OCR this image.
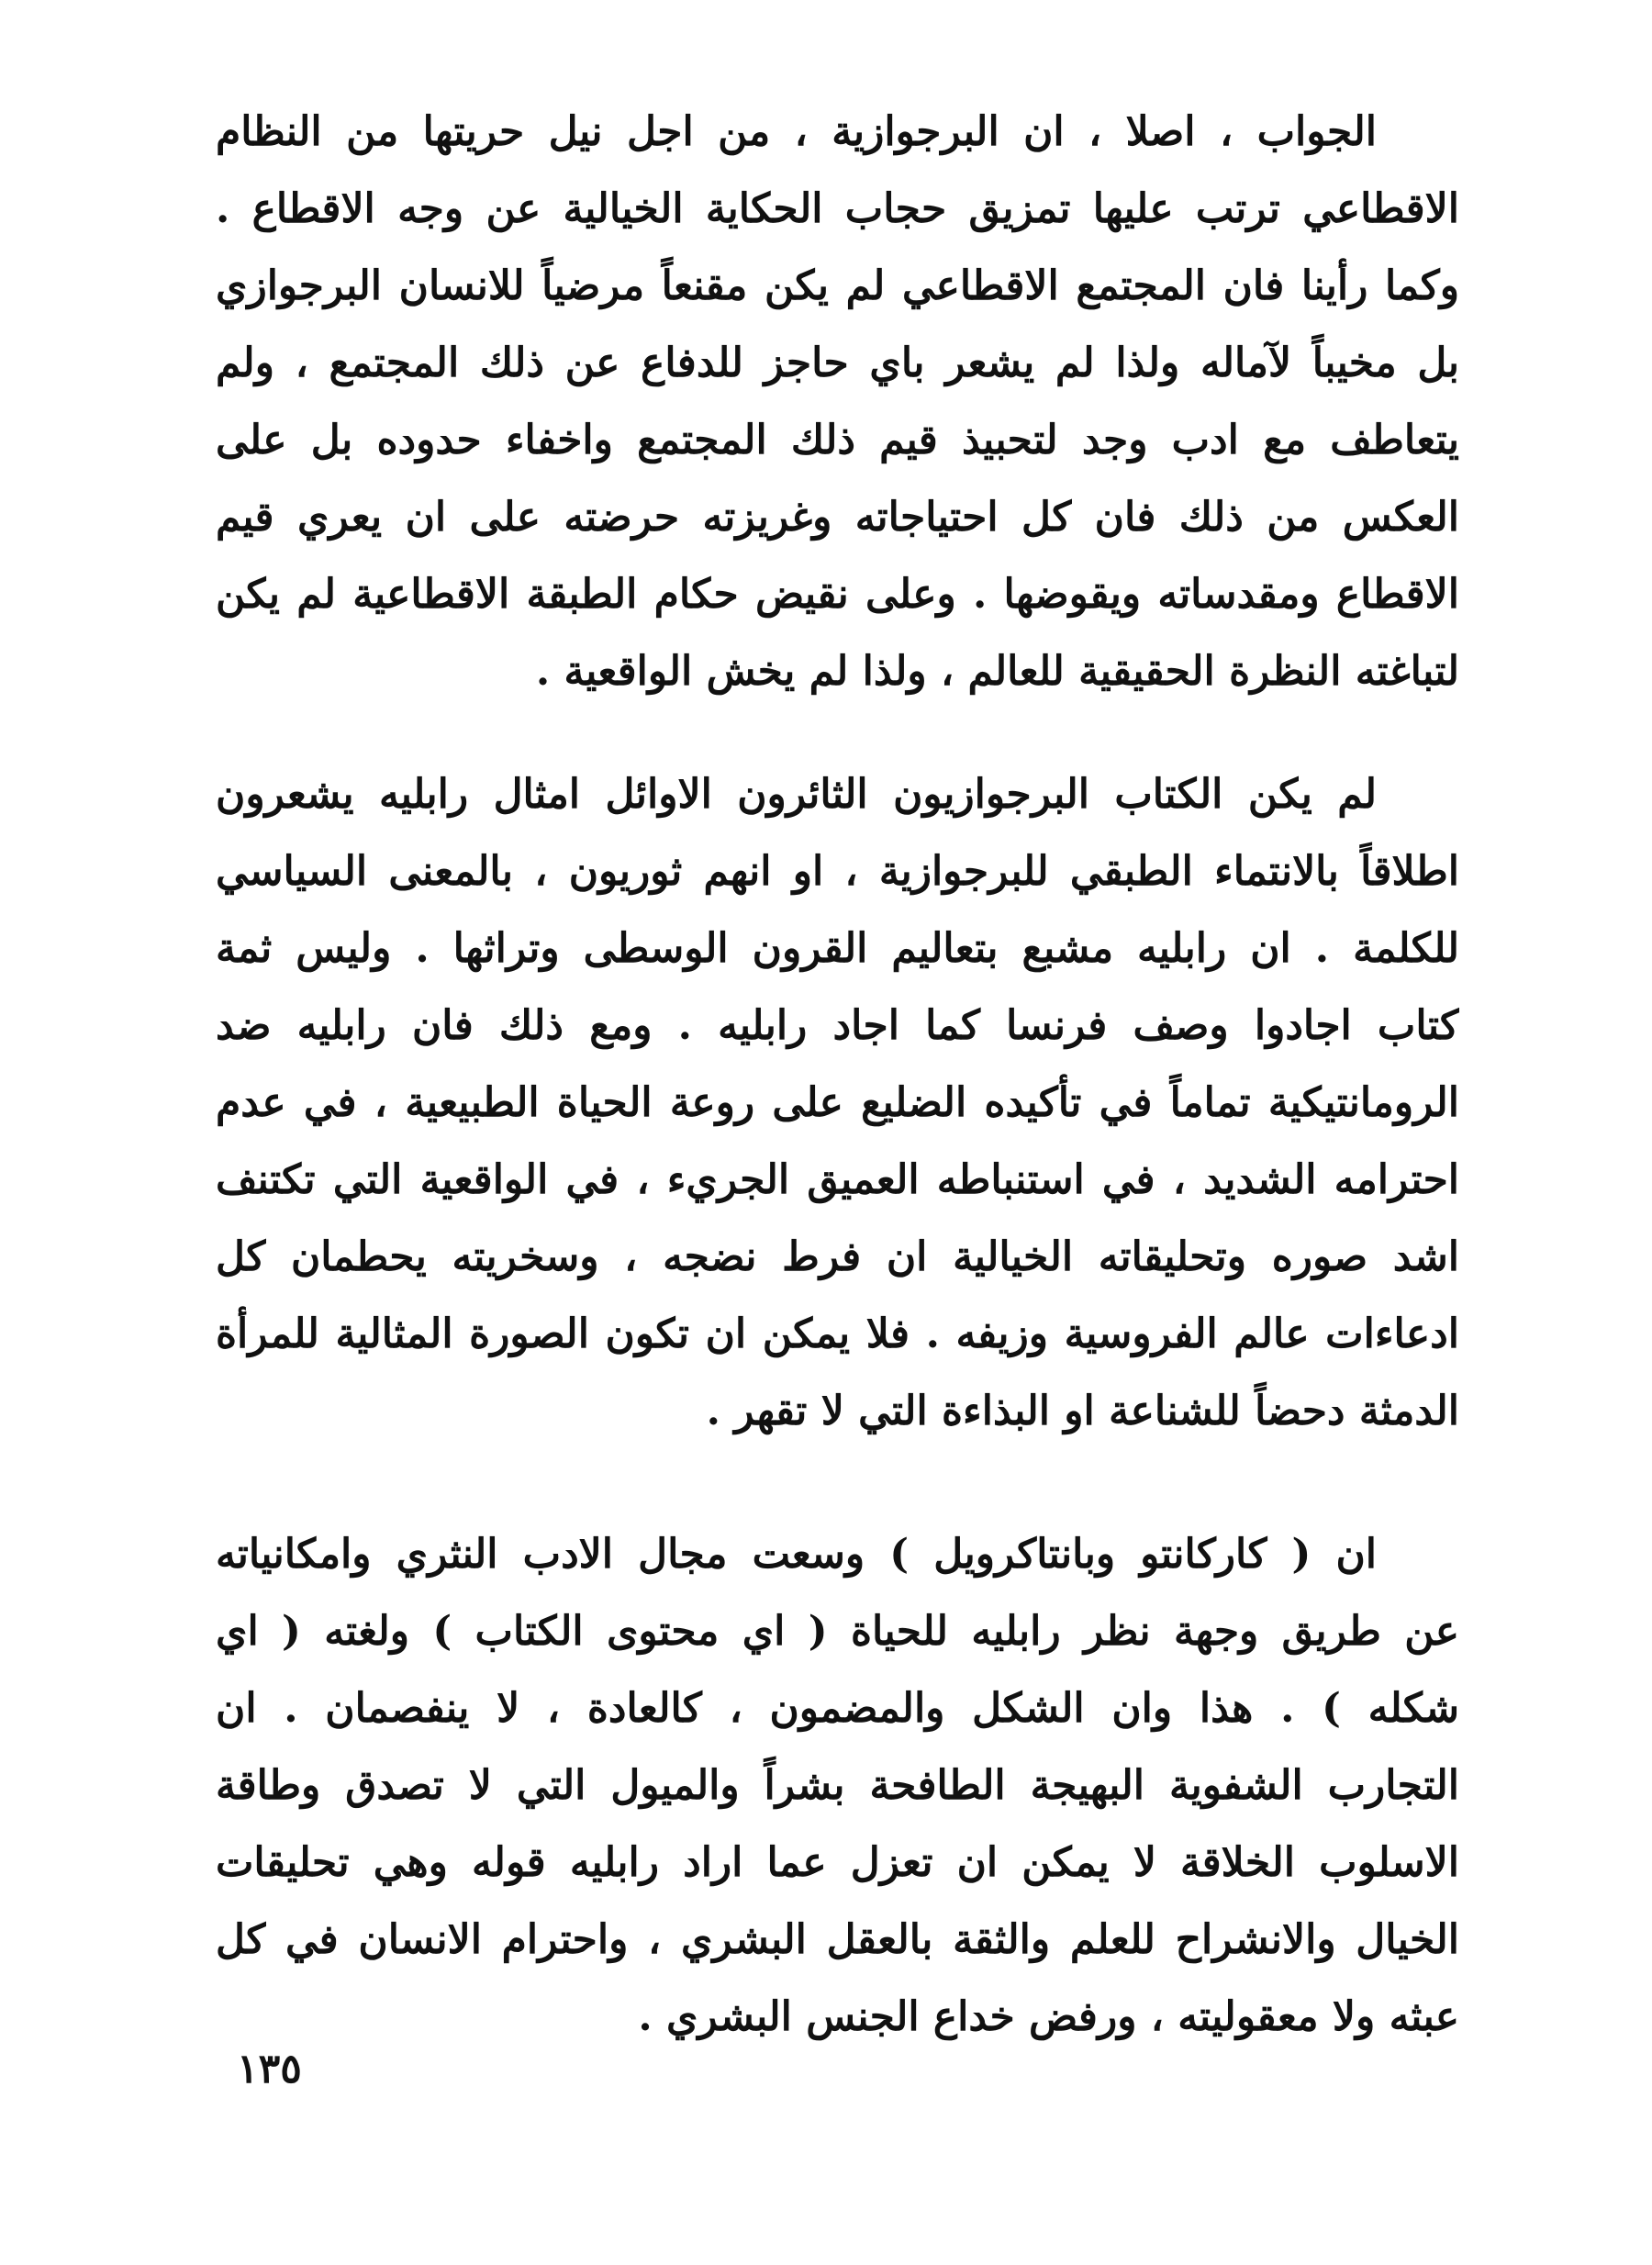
الجواب ، اصلا ، ان البرجوازية ، من اجل نيل حريتها من النظام
الاقطاعي ترتب عليها تمزيق حجاب الحكاية الخيالية عن وجه الاقطاع .
وكما رأينا فان المجتمع الاقطاعي لم يكن مقنعاً مرضياً للانسان البرجوازي
بل مخيباً لآماله ولذا لم يشعر باي حاجز للدفاع عن ذلك المجتمع ، ولم
يتعاطف مع ادب وجد لتحبيذ قيم ذلك المجتمع واخفاء حدوده بل على
العكس من ذلك فان كل احتياجاته وغريزته حرضته على ان يعري قيم
الاقطاع ومقدساته ويقوضها . وعلى نقيض حكام الطبقة الاقطاعية لم يكن
لتباغته النظرة الحقيقية للعالم ، ولذا لم يخش الواقعية .
لم يكن الكتاب البرجوازيون الثائرون الاوائل امثال رابليه يشعرون
اطلاقاً بالانتماء الطبقي للبرجوازية ، او انهم ثوريون ، بالمعنى السياسي
للكلمة . ان رابليه مشبع بتعاليم القرون الوسطى وتراثها . وليس ثمة
كتاب اجادوا وصف فرنسا كما اجاد رابليه . ومع ذلك فان رابليه ضد
الرومانتيكية تماماً في تأكيده الضليع على روعة الحياة الطبيعية ، في عدم
احترامه الشديد ، في استنباطه العميق الجريء ، في الواقعية التي تكتنف
اشد صوره وتحليقاته الخيالية ان فرط نضجه ، وسخريته يحطمان كل
ادعاءات عالم الفروسية وزيفه . فلا يمكن ان تكون الصورة المثالية للمرأة
الدمثة دحضاً للشناعة او البذاءة التي لا تقهر .
ان ( كاركانتو وبانتاكرويل ) وسعت مجال الادب النثري وامكانياته
عن طريق وجهة نظر رابليه للحياة ( اي محتوى الكتاب ) ولغته ( اي
شكله ) . هذا وان الشكل والمضمون ، كالعادة ، لا ينفصمان . ان
التجارب الشفوية البهيجة الطافحة بشراً والميول التي لا تصدق وطاقة
الاسلوب الخلاقة لا يمكن ان تعزل عما اراد رابليه قوله وهي تحليقات
الخيال والانشراح للعلم والثقة بالعقل البشري ، واحترام الانسان في كل
عبثه ولا معقوليته ، ورفض خداع الجنس البشري .
١٣٥
